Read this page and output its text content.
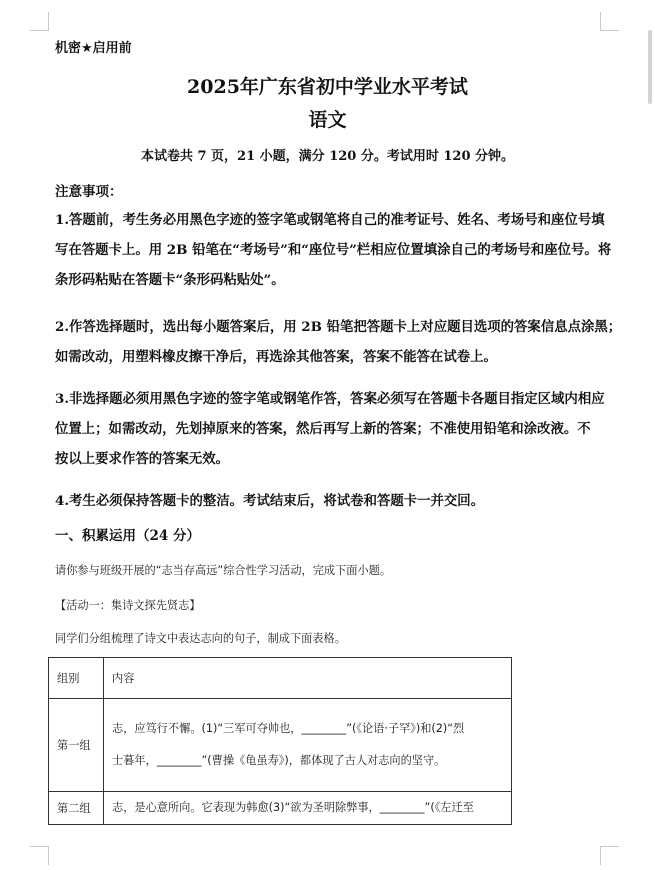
机密★启用前
2025年广东省初中学业水平考试
语文
本试卷共 7 页，21 小题，满分 120 分。考试用时 120 分钟。
注意事项：
1.答题前，考生务必用黑色字迹的签字笔或钢笔将自己的准考证号、姓名、考场号和座位号填
写在答题卡上。用 2B 铅笔在“考场号”和“座位号”栏相应位置填涂自己的考场号和座位号。将
条形码粘贴在答题卡“条形码粘贴处”。
2.作答选择题时，选出每小题答案后，用 2B 铅笔把答题卡上对应题目选项的答案信息点涂黑；
如需改动，用塑料橡皮擦干净后，再选涂其他答案，答案不能答在试卷上。
3.非选择题必须用黑色字迹的签字笔或钢笔作答，答案必须写在答题卡各题目指定区域内相应
位置上；如需改动，先划掉原来的答案，然后再写上新的答案；不准使用铅笔和涂改液。不
按以上要求作答的答案无效。
4.考生必须保持答题卡的整洁。考试结束后，将试卷和答题卡一并交回。
一、积累运用（24 分）
请你参与班级开展的“志当存高远”综合性学习活动，完成下面小题。
【活动一：集诗文探先贤志】
同学们分组梳理了诗文中表达志向的句子，制成下面表格。
组别	内容
第一组	志，应笃行不懈。(1)“三军可夺帅也，________”(《论语·子罕》)和(2)“烈
士暮年，________”(曹操《龟虽寿》)，都体现了古人对志向的坚守。

第二组	志，是心意所向。它表现为韩愈(3)“欲为圣明除弊事，________”(《左迁至
